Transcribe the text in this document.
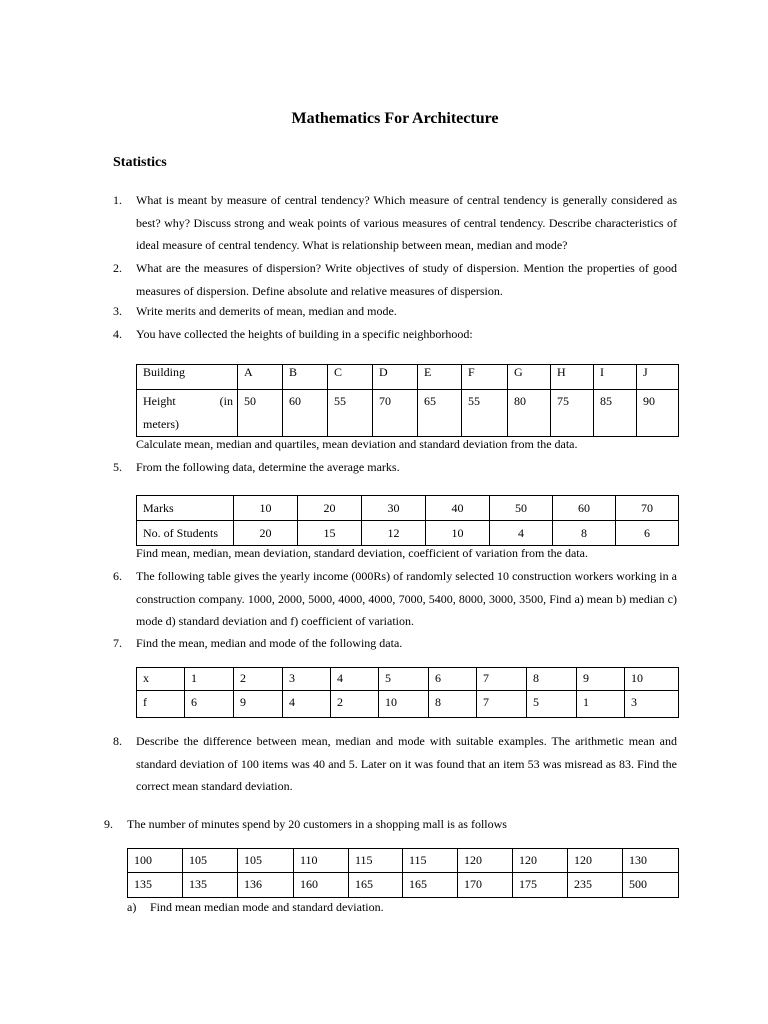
Mathematics For Architecture
Statistics
1. What is meant by measure of central tendency? Which measure of central tendency is generally considered as best? why? Discuss strong and weak points of various measures of central tendency. Describe characteristics of ideal measure of central tendency. What is relationship between mean, median and mode?
2. What are the measures of dispersion? Write objectives of study of dispersion. Mention the properties of good measures of dispersion. Define absolute and relative measures of dispersion.
3. Write merits and demerits of mean, median and mode.
4. You have collected the heights of building in a specific neighborhood:
Building	A	B	C	D	E	F	G	H	I	J

Height (in
meters)	50	60	55	70	65	55	80	75	85	90
Calculate mean, median and quartiles, mean deviation and standard deviation from the data.
5. From the following data, determine the average marks.
Marks	10	20	30	40	50	60	70
No. of Students	20	15	12	10	4	8	6
Find mean, median, mean deviation, standard deviation, coefficient of variation from the data.
6. The following table gives the yearly income (000Rs) of randomly selected 10 construction workers working in a construction company. 1000, 2000, 5000, 4000, 4000, 7000, 5400, 8000, 3000, 3500, Find a) mean b) median c) mode d) standard deviation and f) coefficient of variation.
7. Find the mean, median and mode of the following data.
x	1	2	3	4	5	6	7	8	9	10
f	6	9	4	2	10	8	7	5	1	3
8. Describe the difference between mean, median and mode with suitable examples. The arithmetic mean and standard deviation of 100 items was 40 and 5. Later on it was found that an item 53 was misread as 83. Find the correct mean standard deviation.
9. The number of minutes spend by 20 customers in a shopping mall is as follows
100	105	105	110	115	115	120	120	120	130
135	135	136	160	165	165	170	175	235	500
a) Find mean median mode and standard deviation.
